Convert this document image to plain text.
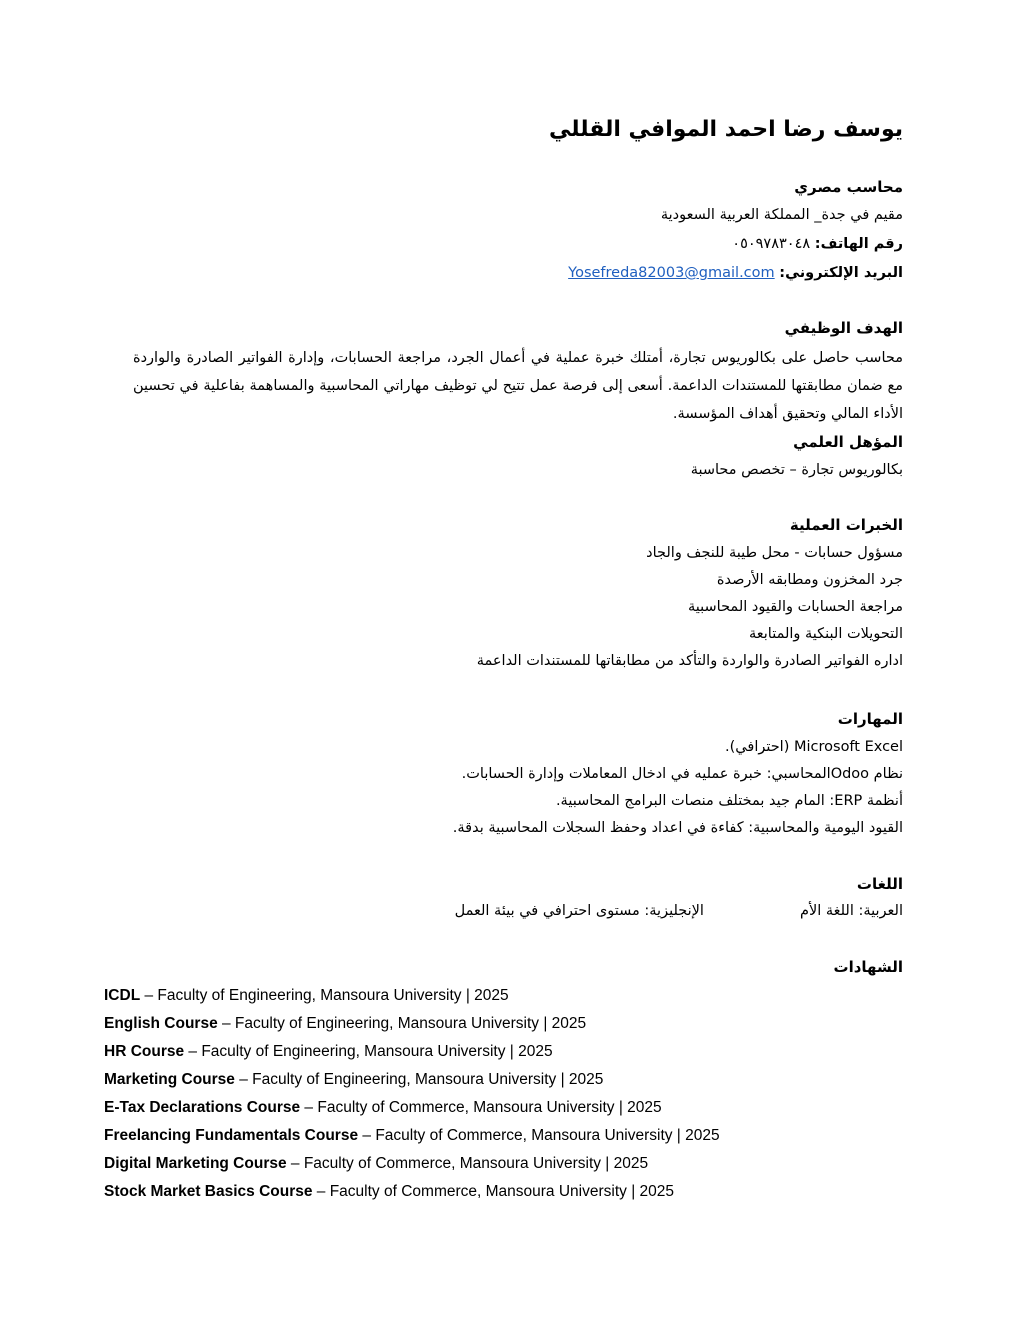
يوسف رضا احمد الموافي القللي
محاسب مصري
مقيم في جدة_ المملكة العربية السعودية
رقم الهاتف: ٠٥٠٩٧٨٣٠٤٨
البريد الإلكتروني: Yosefreda82003@gmail.com
الهدف الوظيفي
محاسب حاصل على بكالوريوس تجارة، أمتلك خبرة عملية في أعمال الجرد، مراجعة الحسابات، وإدارة الفواتير الصادرة والواردة مع ضمان مطابقتها للمستندات الداعمة. أسعى إلى فرصة عمل تتيح لي توظيف مهاراتي المحاسبية والمساهمة بفاعلية في تحسين الأداء المالي وتحقيق أهداف المؤسسة.
المؤهل العلمي
بكالوريوس تجارة – تخصص محاسبة
الخبرات العملية
مسؤول حسابات - محل طيبة للنجف والجاد
جرد المخزون ومطابقه الأرصدة
مراجعة الحسابات والقيود المحاسبية
التحويلات البنكية والمتابعة
اداره الفواتير الصادرة والواردة والتأكد من مطابقاتها للمستندات الداعمة
المهارات
Microsoft Excel (احترافي).
نظام Odooالمحاسبي: خبرة عمليه في ادخال المعاملات وإدارة الحسابات.
أنظمة ERP: المام جيد بمختلف منصات البرامج المحاسبية.
القيود اليومية والمحاسبية: كفاءة في اعداد وحفظ السجلات المحاسبية بدقة.
اللغات
العربية: اللغة الأمالإنجليزية: مستوى احترافي في بيئة العمل
الشهادات
ICDL – Faculty of Engineering, Mansoura University | 2025
English Course – Faculty of Engineering, Mansoura University | 2025
HR Course – Faculty of Engineering, Mansoura University | 2025
Marketing Course – Faculty of Engineering, Mansoura University | 2025
E-Tax Declarations Course – Faculty of Commerce, Mansoura University | 2025
Freelancing Fundamentals Course – Faculty of Commerce, Mansoura University | 2025
Digital Marketing Course – Faculty of Commerce, Mansoura University | 2025
Stock Market Basics Course – Faculty of Commerce, Mansoura University | 2025
